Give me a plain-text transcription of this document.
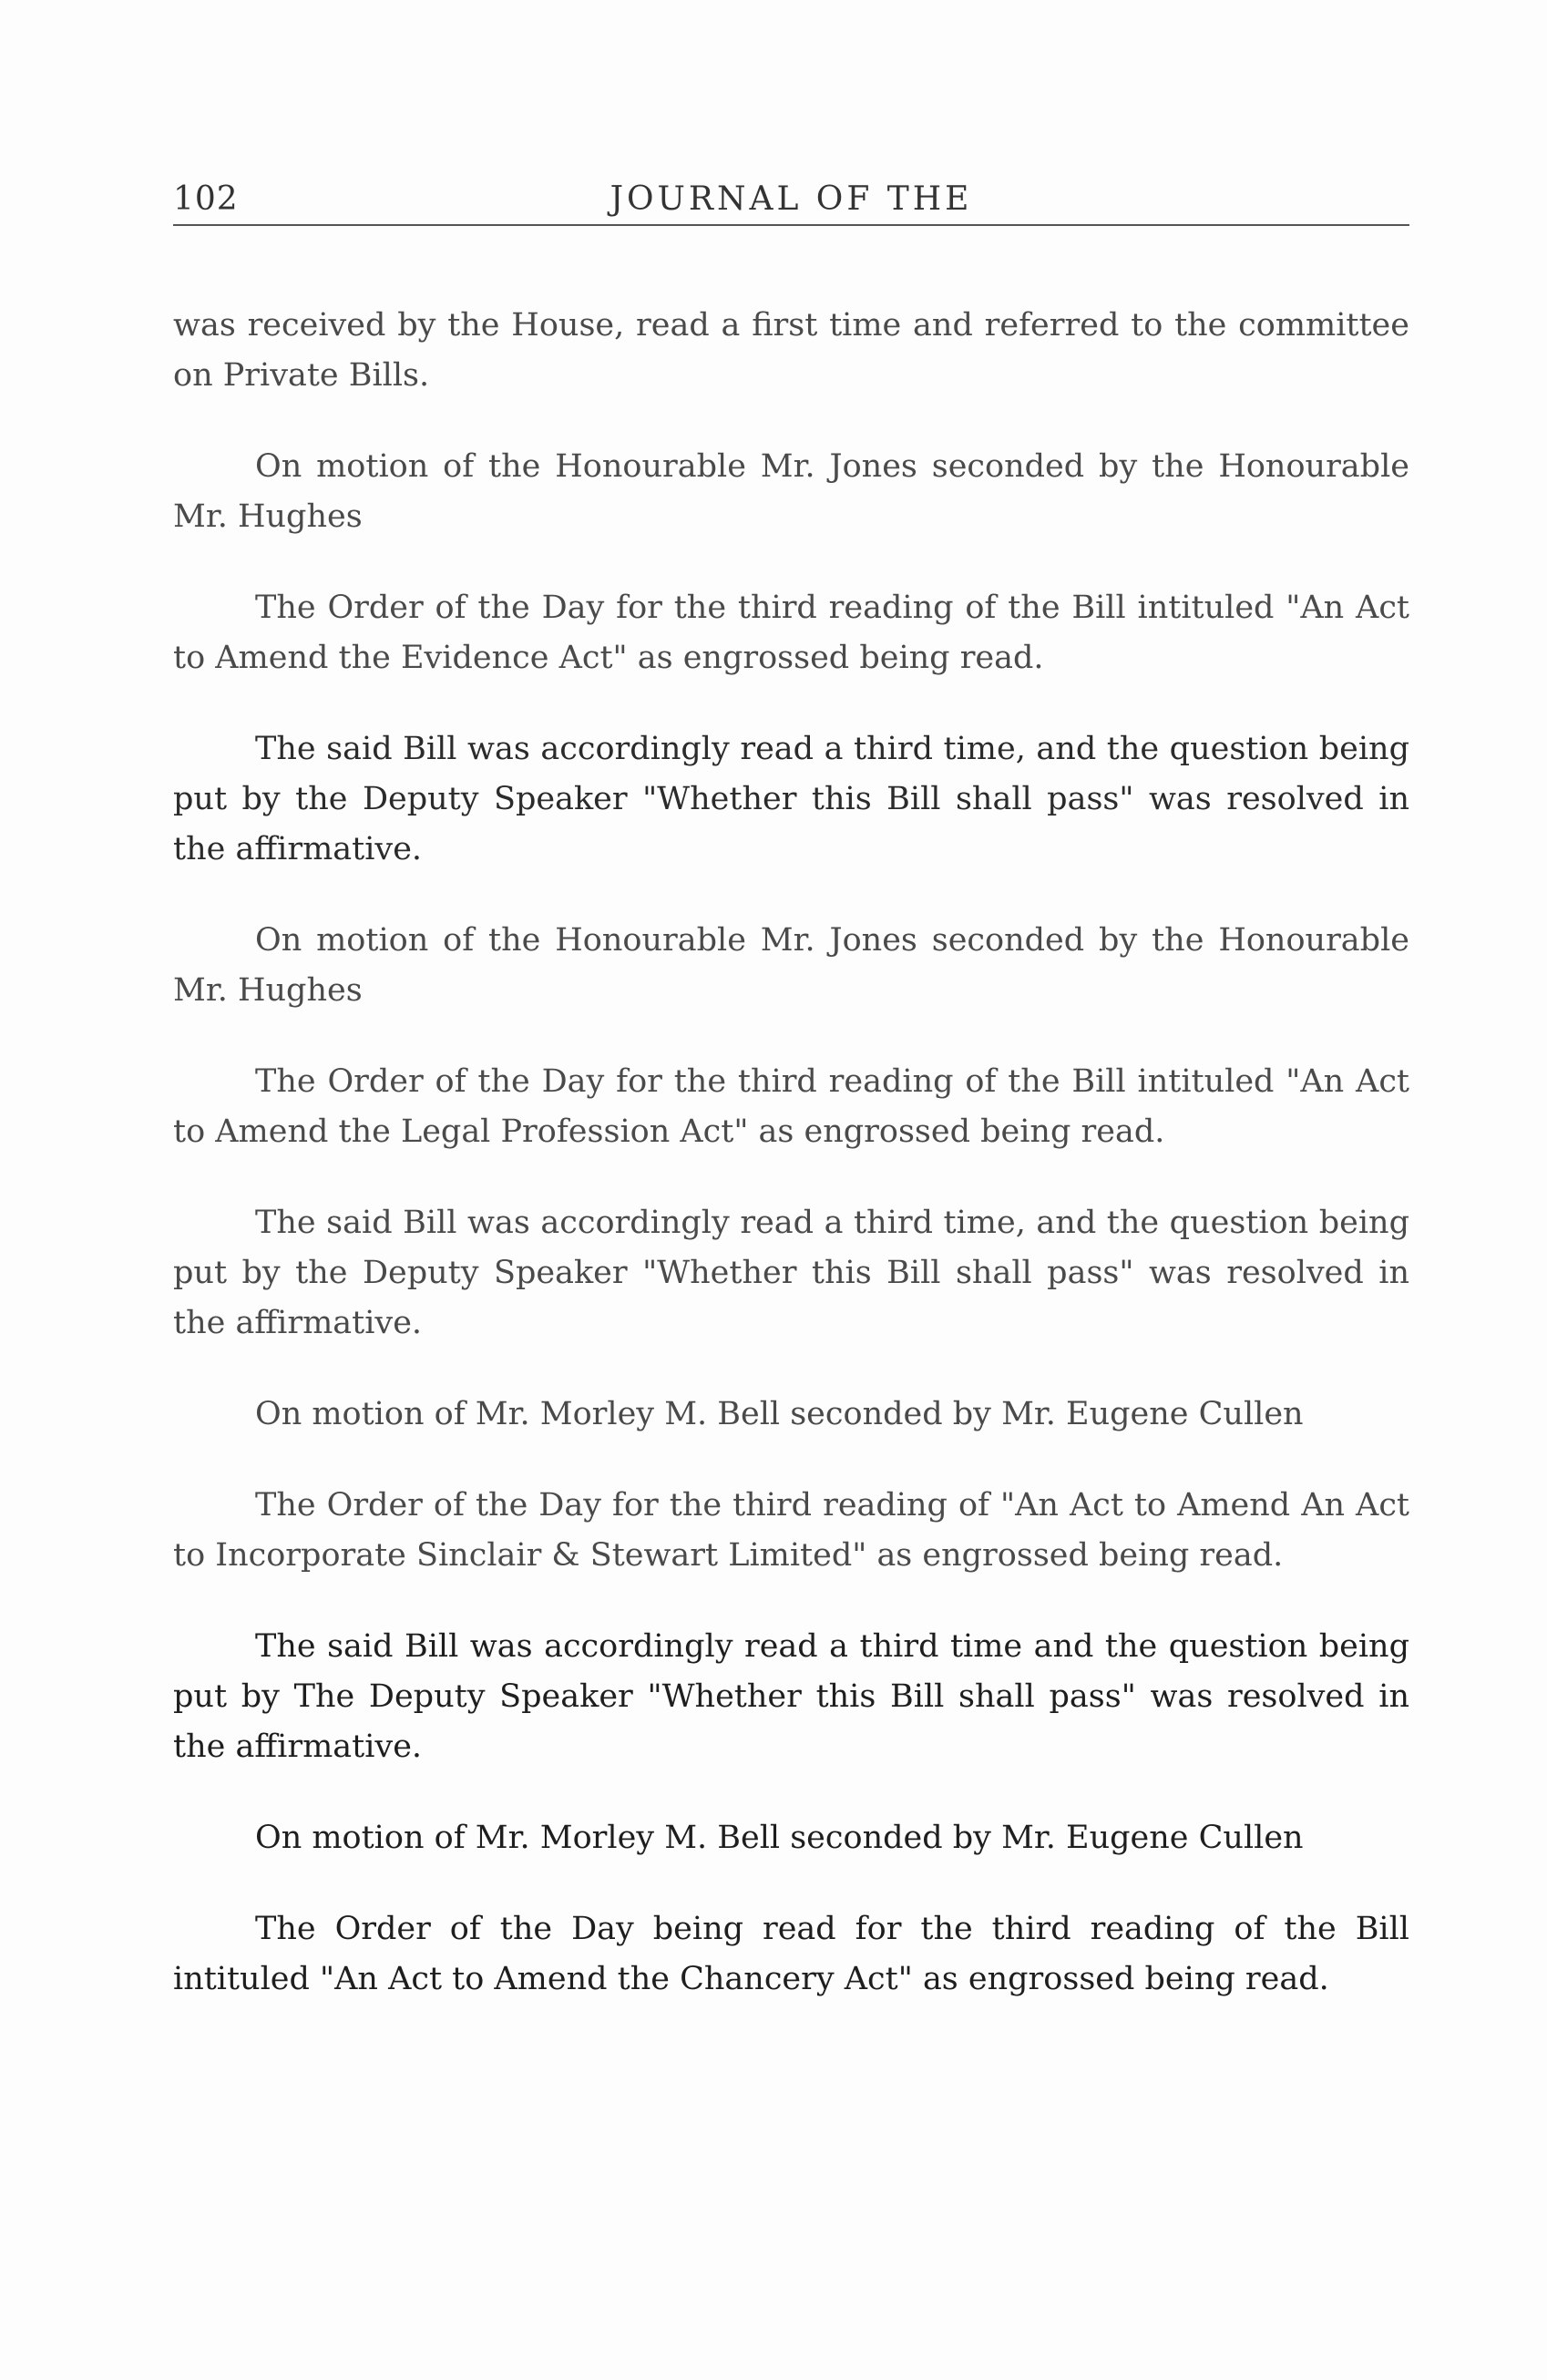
102	JOURNAL OF THE

was received by the House, read a first time and referred to the committee on Private Bills.

On motion of the Honourable Mr. Jones seconded by the Honourable Mr. Hughes

The Order of the Day for the third reading of the Bill intituled "An Act to Amend the Evidence Act" as engrossed being read.

The said Bill was accordingly read a third time, and the question being put by the Deputy Speaker "Whether this Bill shall pass" was resolved in the affirmative.

On motion of the Honourable Mr. Jones seconded by the Honourable Mr. Hughes

The Order of the Day for the third reading of the Bill intituled "An Act to Amend the Legal Profession Act" as engrossed being read.

The said Bill was accordingly read a third time, and the question being put by the Deputy Speaker "Whether this Bill shall pass" was resolved in the affirmative.

On motion of Mr. Morley M. Bell seconded by Mr. Eugene Cullen

The Order of the Day for the third reading of "An Act to Amend An Act to Incorporate Sinclair & Stewart Limited" as engrossed being read.

The said Bill was accordingly read a third time and the question being put by The Deputy Speaker "Whether this Bill shall pass" was resolved in the affirmative.

On motion of Mr. Morley M. Bell seconded by Mr. Eugene Cullen

The Order of the Day being read for the third reading of the Bill intituled "An Act to Amend the Chancery Act" as engrossed being read.
